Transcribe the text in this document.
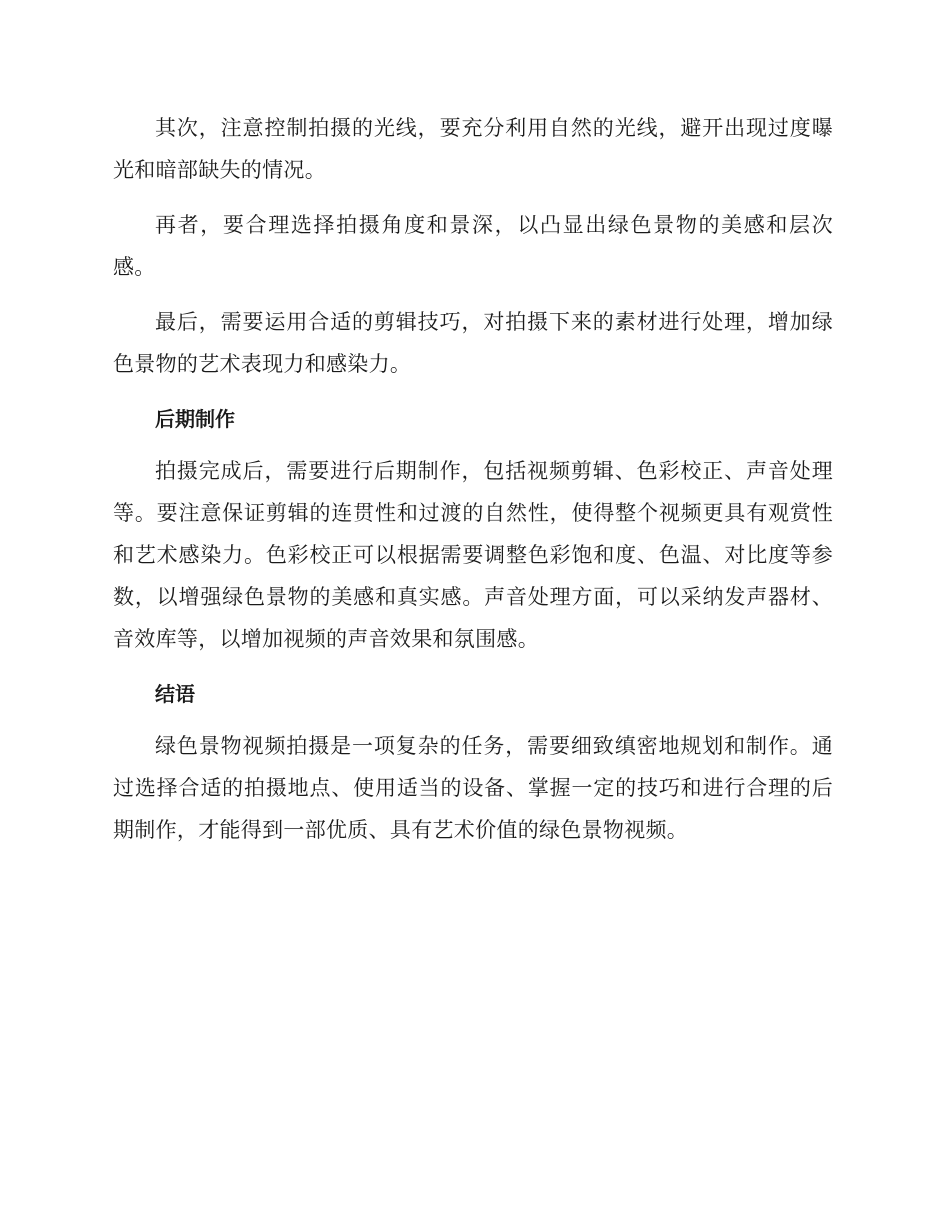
其次，注意控制拍摄的光线，要充分利用自然的光线，避开出现过度曝光和暗部缺失的情况。

再者，要合理选择拍摄角度和景深，以凸显出绿色景物的美感和层次感。

最后，需要运用合适的剪辑技巧，对拍摄下来的素材进行处理，增加绿色景物的艺术表现力和感染力。

后期制作

拍摄完成后，需要进行后期制作，包括视频剪辑、色彩校正、声音处理等。要注意保证剪辑的连贯性和过渡的自然性，使得整个视频更具有观赏性和艺术感染力。色彩校正可以根据需要调整色彩饱和度、色温、对比度等参数，以增强绿色景物的美感和真实感。声音处理方面，可以采纳发声器材、音效库等，以增加视频的声音效果和氛围感。

结语

绿色景物视频拍摄是一项复杂的任务，需要细致缜密地规划和制作。通过选择合适的拍摄地点、使用适当的设备、掌握一定的技巧和进行合理的后期制作，才能得到一部优质、具有艺术价值的绿色景物视频。
